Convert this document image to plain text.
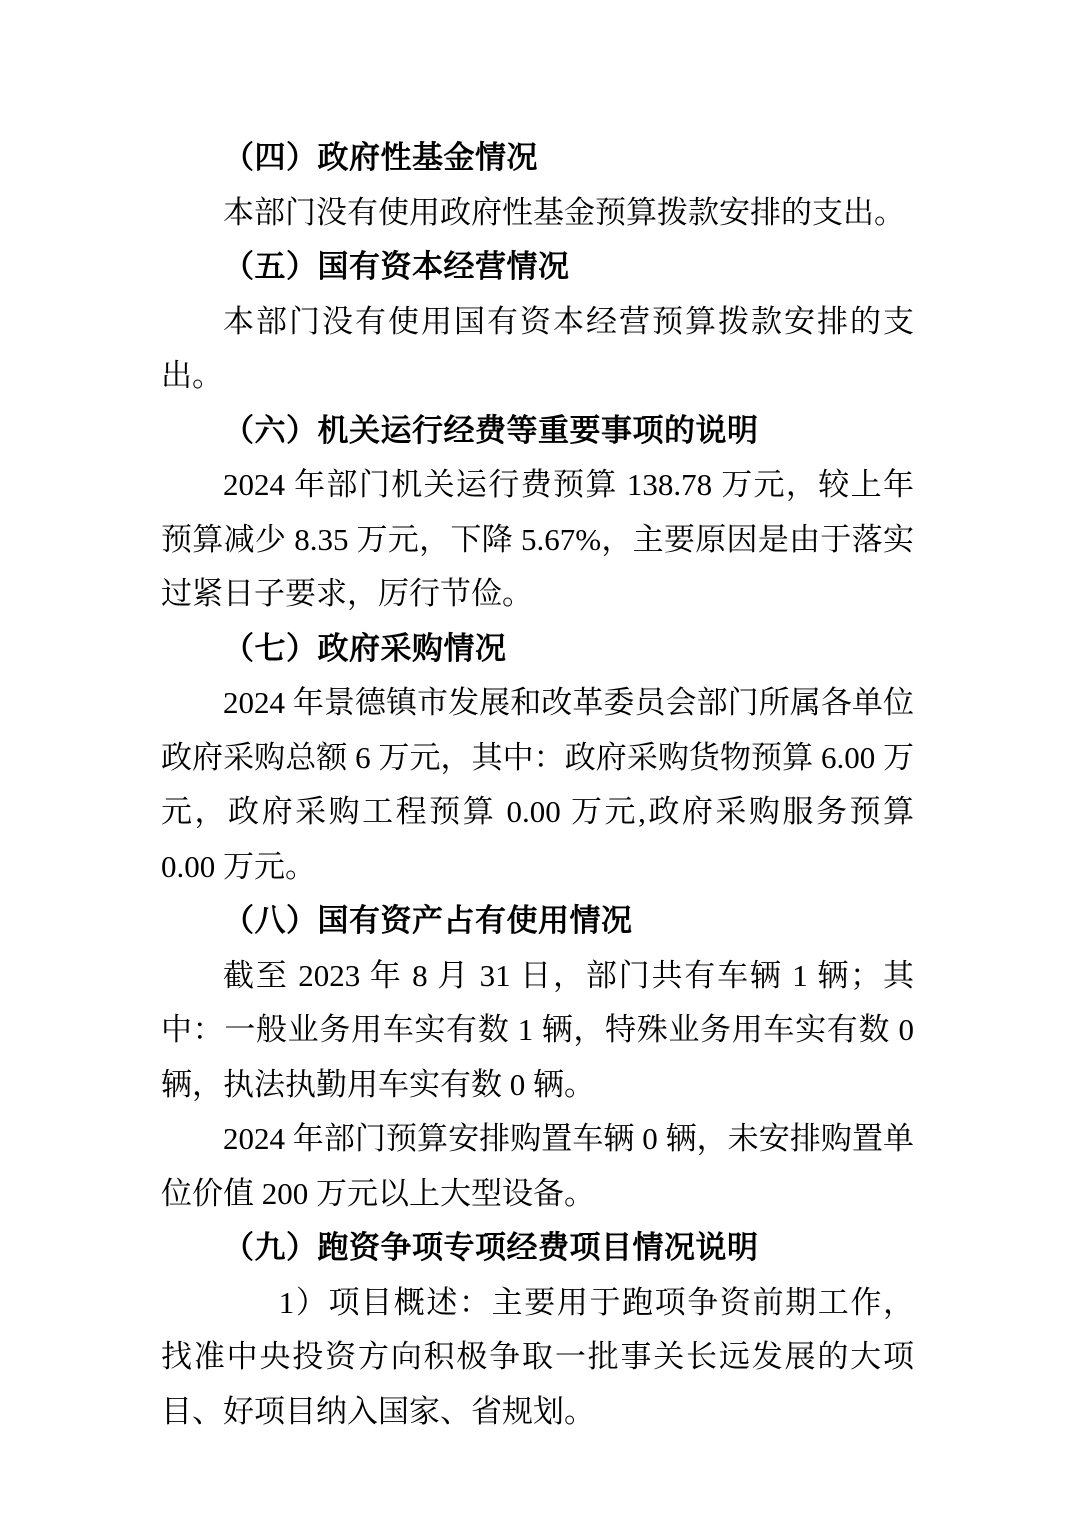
（四）政府性基金情况

本部门没有使用政府性基金预算拨款安排的支出。

（五）国有资本经营情况

本部门没有使用国有资本经营预算拨款安排的支出。

（六）机关运行经费等重要事项的说明

2024 年部门机关运行费预算 138.78 万元，较上年预算减少 8.35 万元，下降 5.67%，主要原因是由于落实过紧日子要求，厉行节俭。

（七）政府采购情况

2024 年景德镇市发展和改革委员会部门所属各单位政府采购总额 6 万元，其中：政府采购货物预算 6.00 万元，政府采购工程预算 0.00 万元,政府采购服务预算 0.00 万元。

（八）国有资产占有使用情况

截至 2023 年 8 月 31 日，部门共有车辆 1 辆；其中：一般业务用车实有数 1 辆，特殊业务用车实有数 0 辆，执法执勤用车实有数 0 辆。

2024 年部门预算安排购置车辆 0 辆，未安排购置单位价值 200 万元以上大型设备。

（九）跑资争项专项经费项目情况说明

1）项目概述：主要用于跑项争资前期工作，找准中央投资方向积极争取一批事关长远发展的大项目、好项目纳入国家、省规划。
